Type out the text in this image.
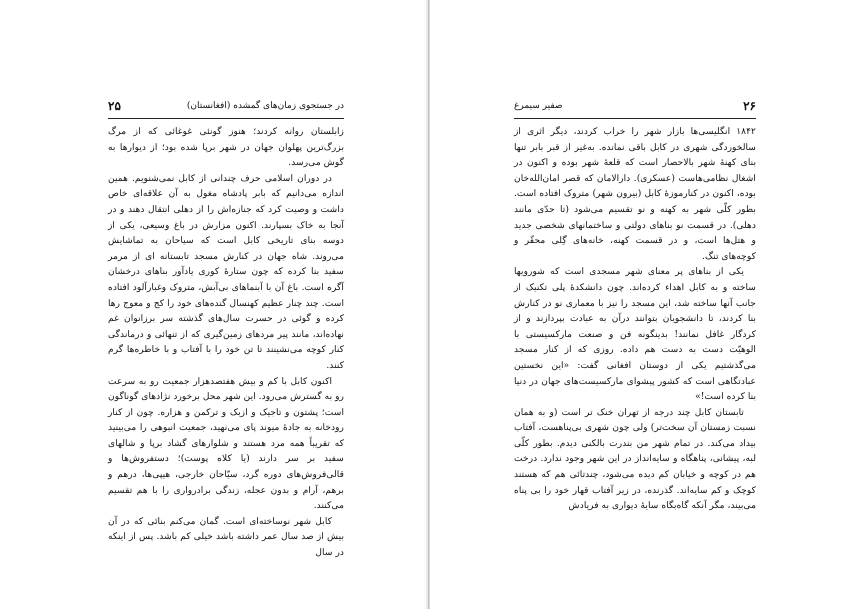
۲۵	در جستجوی زمان‌های گمشده (افغانستان)

زابلستان روانه کردند؛ هنوز گونئی غوغائی که از مرگ بزرگ‌ترین پهلوان جهان در شهر برپا شده بود؛ از دیوارها به گوش می‌رسد.

در دوران اسلامی حرف چندانی از کابل نمی‌شنویم. همین اندازه می‌دانیم که بابر پادشاه مغول به آن علاقه‌ای خاص داشت و وصیت کرد که جنازه‌اش را از دهلی انتقال دهند و در آنجا به خاک بسپارند. اکنون مزارش در باغ وسیعی، یکی از دوسه بنای تاریخی کابل است که سیاحان به تماشایش می‌روند. شاه جهان در کنارش مسجد تابستانه ای از مرمر سفید بنا کرده که چون ستارهٔ کوری یادآور بناهای درخشان آگره است. باغ آن با آبنماهای بی‌آبش، متروک وغبارآلود افتاده است. چند چنار عظیم کهنسال گنده‌های خود را کج و معوج رها کرده و گوئی در حسرت سال‌های گذشته سر برزانوان غم نهاده‌اند، مانند پیر مردهای زمین‌گیری که از تنهائی و درماندگی کنار کوچه می‌نشینند تا تن خود را با آفتاب و با خاطره‌ها گرم کنند.

اکنون کابل با کم و بیش هفتصدهزار جمعیت رو به سرعت رو به گسترش می‌رود. این شهر محل برخورد نژادهای گوناگون است؛ پشتون و تاجیک و ازبک و ترکمن و هزاره. چون از کنار رودخانه به جادهٔ میوند پای می‌نهید، جمعیت انبوهی را می‌بینید که تقریباً همه مرد هستند و شلوارهای گشاد برپا و شالهای سفید بر سر دارند (یا کلاه پوست)؛ دستفروش‌ها و قالی‌فروش‌های دوره گرد، سیّاحان خارجی، هیپی‌ها، درهم و برهم، آرام و بدون عجله، زندگی برادرواری را با هم تقسیم می‌کنند.

کابل شهر نوساخته‌ای است. گمان می‌کنم بنائی که در آن بیش از صد سال عمر داشته باشد خیلی کم باشد. پس از اینکه در سال

صفیر سیمرغ	۲۶

۱۸۴۲ انگلیسی‌ها بازار شهر را خراب کردند، دیگر اثری از سالخوردگی شهری در کابل باقی نمانده. به‌غیر از قبر بابر تنها بنای کهنهٔ شهر بالاحصار است که قلعهٔ شهر بوده و اکنون در اشغال نظامی‌هاست (عسکری). دارالامان که قصر امان‌الله‌خان بوده، اکنون در کنارموزهٔ کابل (بیرون شهر) متروک افتاده است. بطور کلّی شهر به کهنه و نو تقسیم می‌شود (تا حدّی مانند دهلی). در قسمت نو بناهای دولتی و ساختمانهای شخصی جدید و هتل‌ها است، و در قسمت کهنه، خانه‌های گِلی محقّر و کوچه‌های تنگ.

یکی از بناهای پر معنای شهر مسجدی است که شورویها ساخته و به کابل اهداء کرده‌اند. چون دانشکدهٔ پلی تکنیک از جانب آنها ساخته شد، این مسجد را نیز با معماری نو در کنارش بنا کردند، تا دانشجویان بتوانند درآن به عبادت بپردازند و از کردگار غافل نمانند! بدینگونه فن و صنعت مارکسیستی با الوهیّت دست به دست هم داده. روزی که از کنار مسجد می‌گذشتیم یکی از دوستان افغانی گفت: «این نخستین عبادتگاهی است که کشور پیشوای مارکسیست‌های جهان در دنیا بنا کرده است!»

تابستان کابل چند درجه از تهران خنک تر است (و به همان نسبت زمستان آن سخت‌تر) ولی چون شهری بی‌پناهست، آفتاب بیداد می‌کند. در تمام شهر من بندرت بالکنی دیدم. بطور کلّی لبه، پیشانی، پناهگاه و سایه‌انداز در این شهر وجود ندارد. درخت هم در کوچه و خیابان کم دیده می‌شود، چندتائی هم که هستند کوچک و کم سایه‌اند. گذرنده، در زیر آفتاب قهار خود را بی پناه می‌بیند، مگر آنکه گاه‌بگاه سایهٔ دیواری به فریادش
